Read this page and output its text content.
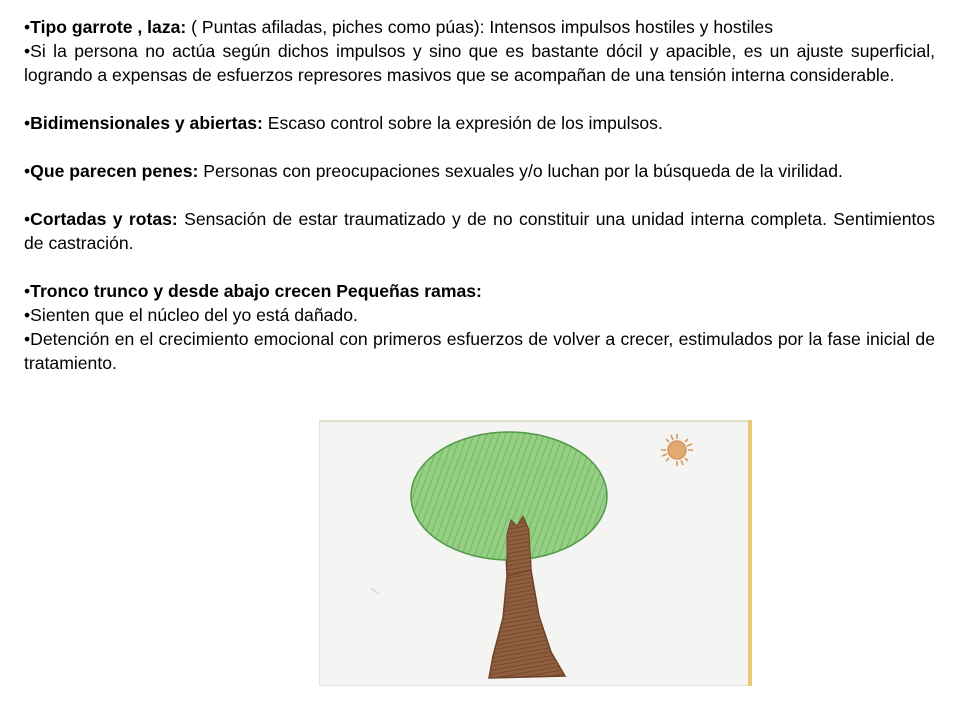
•Tipo garrote , laza: ( Puntas afiladas, piches como púas): Intensos impulsos hostiles y hostiles

•Si la persona no actúa según dichos impulsos y sino que es bastante dócil y apacible, es un ajuste superficial, logrando a expensas de esfuerzos represores masivos que se acompañan de una tensión interna considerable.

•Bidimensionales y abiertas: Escaso control sobre la expresión de los impulsos.

•Que parecen penes: Personas con preocupaciones sexuales y/o luchan por la búsqueda de la virilidad.

•Cortadas y rotas: Sensación de estar traumatizado y de no constituir una unidad interna completa. Sentimientos de castración.

•Tronco trunco y desde abajo crecen Pequeñas ramas:

•Sienten que el núcleo del yo está dañado.

•Detención en el crecimiento emocional con primeros esfuerzos de volver a crecer, estimulados por la fase inicial de tratamiento.
